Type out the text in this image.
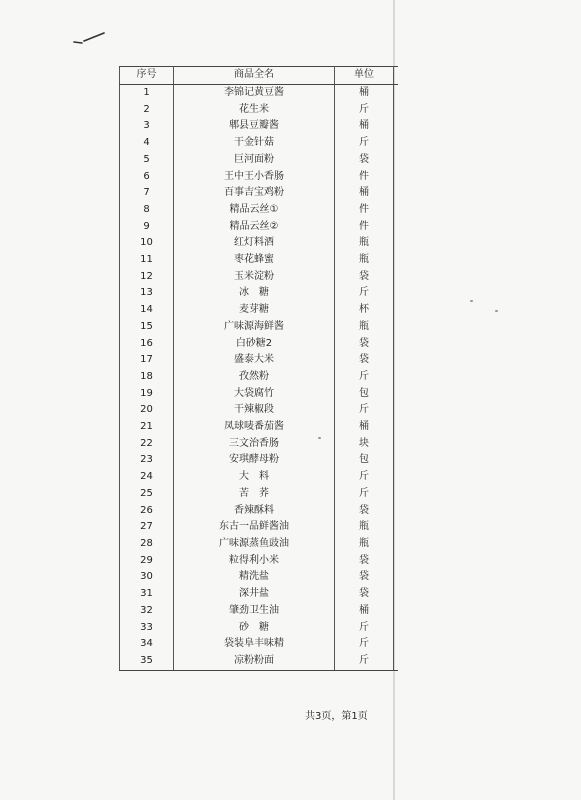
序号	商品全名	单位	
1	李锦记黄豆酱	桶	
2	花生米	斤	
3	郫县豆瓣酱	桶	
4	干金针菇	斤	
5	巨河面粉	袋	
6	王中王小香肠	件	
7	百事吉宝鸡粉	桶	
8	精品云丝①	件	
9	精品云丝②	件	
10	红灯料酒	瓶	
11	枣花蜂蜜	瓶	
12	玉米淀粉	袋	
13	冰　糖	斤	
14	麦芽糖	杯	
15	广味源海鲜酱	瓶	
16	白砂糖2	袋	
17	盛泰大米	袋	
18	孜然粉	斤	
19	大袋腐竹	包	
20	干辣椒段	斤	
21	凤球唛番茄酱	桶	
22	三文治香肠	块	
23	安琪酵母粉	包	
24	大　料	斤	
25	苦　荞	斤	
26	香辣酥料	袋	
27	东古一品鲜酱油	瓶	
28	广味源蒸鱼豉油	瓶	
29	粒得利小米	袋	
30	精洗盐	袋	
31	深井盐	袋	
32	肇劲卫生油	桶	
33	砂　糖	斤	
34	袋装阜丰味精	斤	
35	凉粉粉面	斤	
共3页，第1页
